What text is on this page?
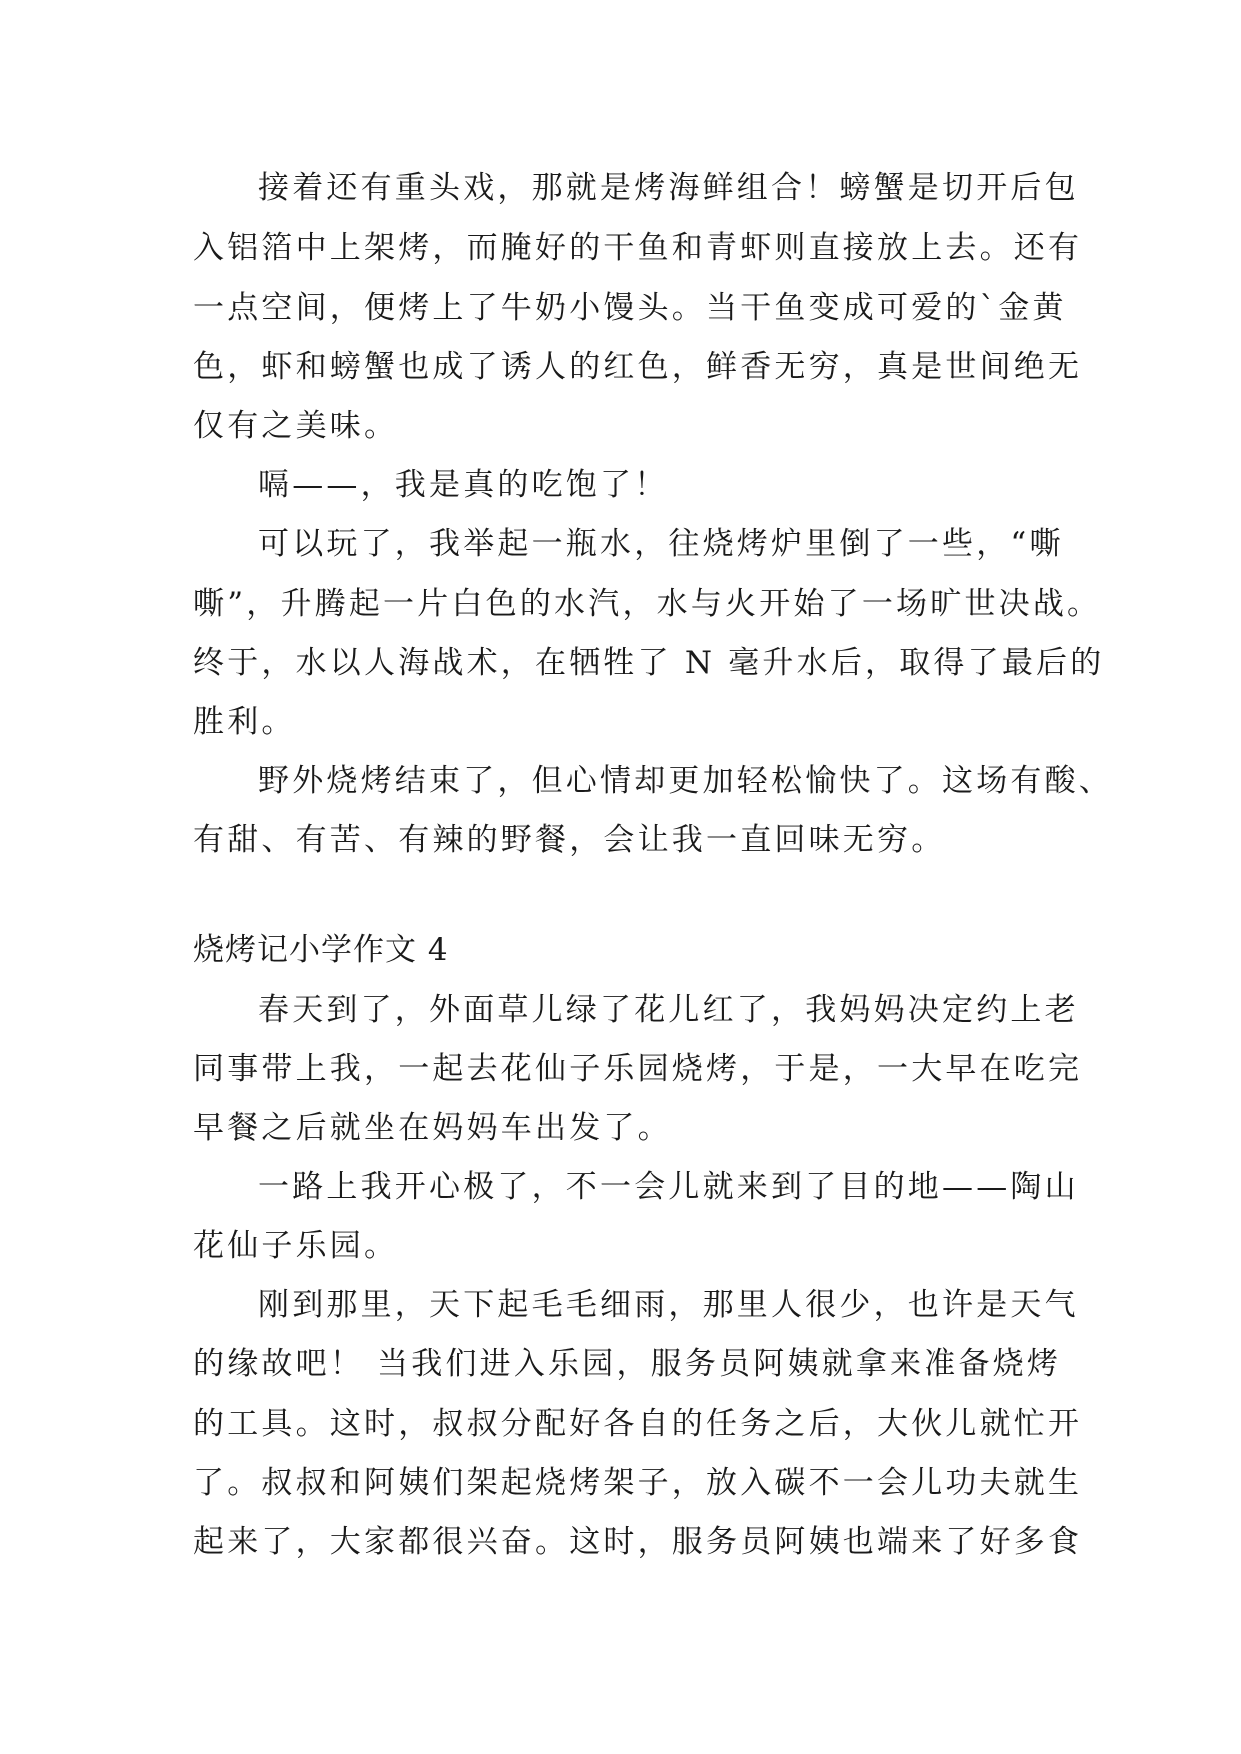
接着还有重头戏，那就是烤海鲜组合！螃蟹是切开后包
入铝箔中上架烤，而腌好的干鱼和青虾则直接放上去。还有
一点空间，便烤上了牛奶小馒头。当干鱼变成可爱的`金黄
色，虾和螃蟹也成了诱人的红色，鲜香无穷，真是世间绝无
仅有之美味。
嗝——，我是真的吃饱了！
可以玩了，我举起一瓶水，往烧烤炉里倒了一些，“嘶
嘶”，升腾起一片白色的水汽，水与火开始了一场旷世决战。
终于，水以人海战术，在牺牲了 N 毫升水后，取得了最后的
胜利。
野外烧烤结束了，但心情却更加轻松愉快了。这场有酸、
有甜、有苦、有辣的野餐，会让我一直回味无穷。
烧烤记小学作文 4
春天到了，外面草儿绿了花儿红了，我妈妈决定约上老
同事带上我，一起去花仙子乐园烧烤，于是，一大早在吃完
早餐之后就坐在妈妈车出发了。
一路上我开心极了，不一会儿就来到了目的地——陶山
花仙子乐园。
刚到那里，天下起毛毛细雨，那里人很少，也许是天气
的缘故吧！ 当我们进入乐园，服务员阿姨就拿来准备烧烤
的工具。这时，叔叔分配好各自的任务之后，大伙儿就忙开
了。叔叔和阿姨们架起烧烤架子，放入碳不一会儿功夫就生
起来了，大家都很兴奋。这时，服务员阿姨也端来了好多食
